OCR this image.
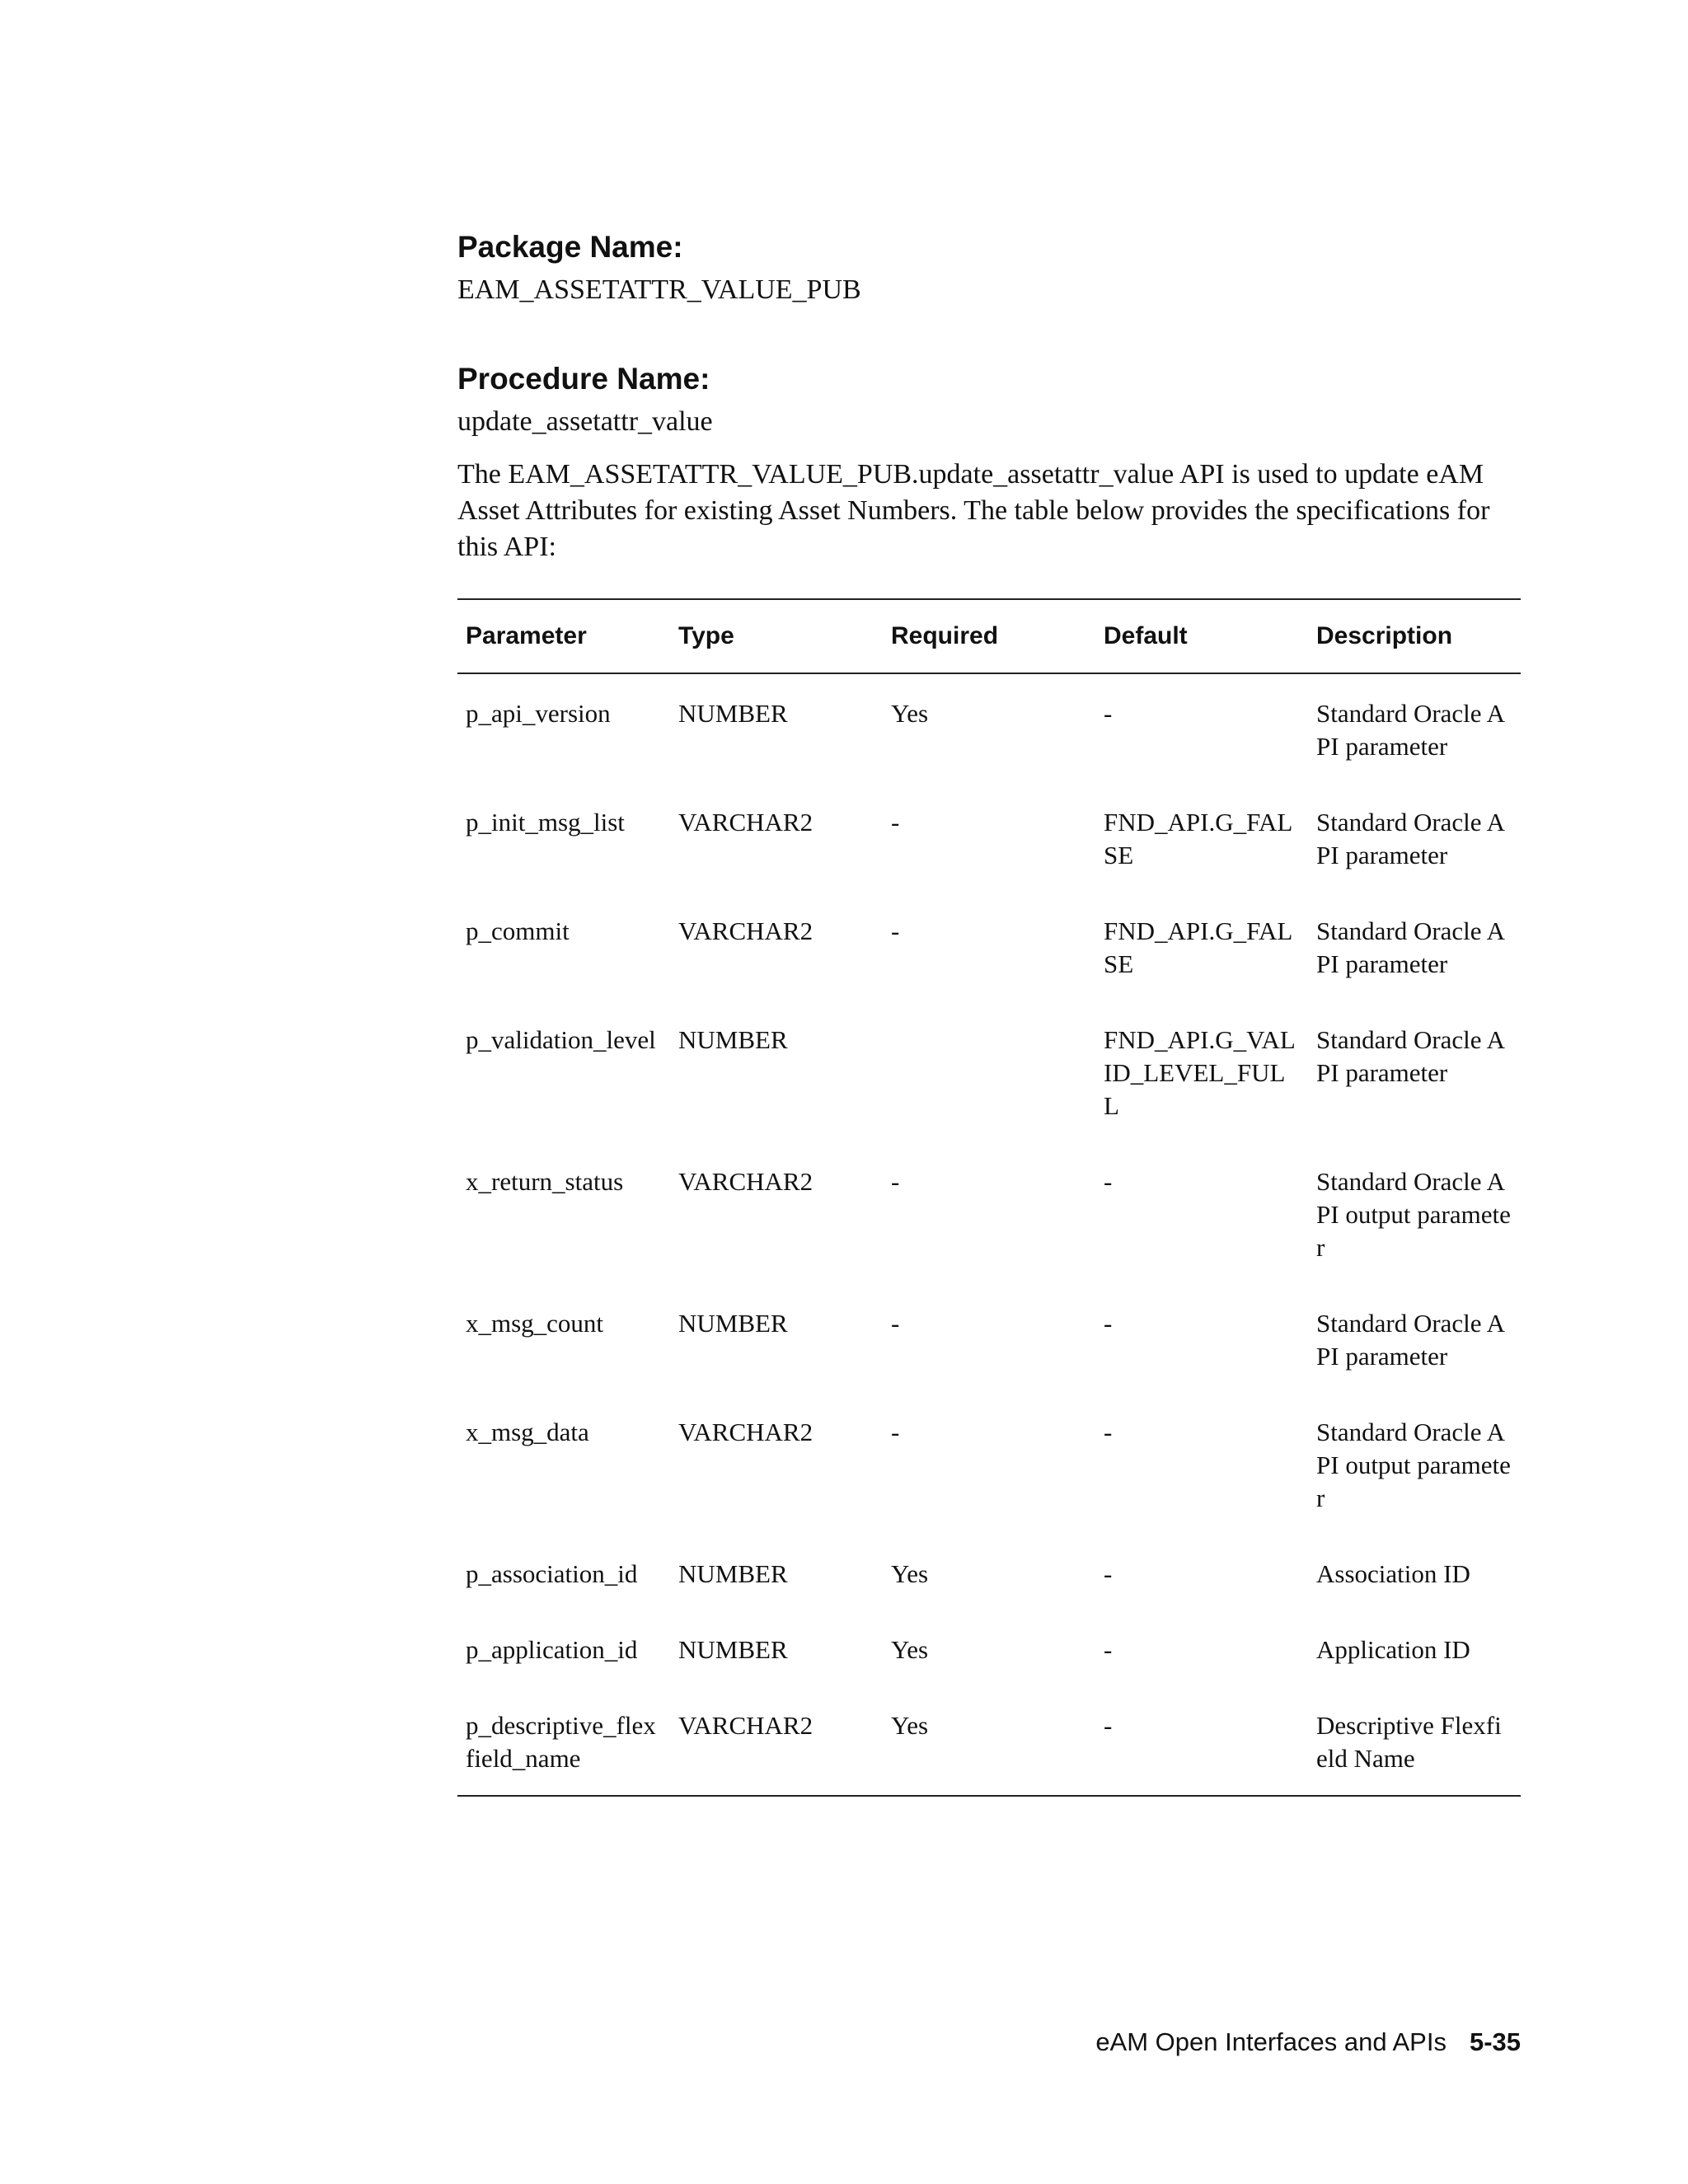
Package Name:

EAM_ASSETATTR_VALUE_PUB

Procedure Name:

update_assetattr_value

The EAM_ASSETATTR_VALUE_PUB.update_assetattr_value API is used to update eAM Asset Attributes for existing Asset Numbers. The table below provides the specifications for this API:

Parameter	Type	Required	Default	Description
p_api_version	NUMBER	Yes	-	Standard Oracle API parameter
p_init_msg_list	VARCHAR2	-	FND_API.G_FALSE	Standard Oracle API parameter
p_commit	VARCHAR2	-	FND_API.G_FALSE	Standard Oracle API parameter
p_validation_level	NUMBER		FND_API.G_VALID_LEVEL_FULL	Standard Oracle API parameter
x_return_status	VARCHAR2	-	-	Standard Oracle API output parameter
x_msg_count	NUMBER	-	-	Standard Oracle API parameter
x_msg_data	VARCHAR2	-	-	Standard Oracle API output parameter
p_association_id	NUMBER	Yes	-	Association ID
p_application_id	NUMBER	Yes	-	Application ID
p_descriptive_flexfield_name	VARCHAR2	Yes	-	Descriptive Flexfield Name
eAM Open Interfaces and APIs 5-35
